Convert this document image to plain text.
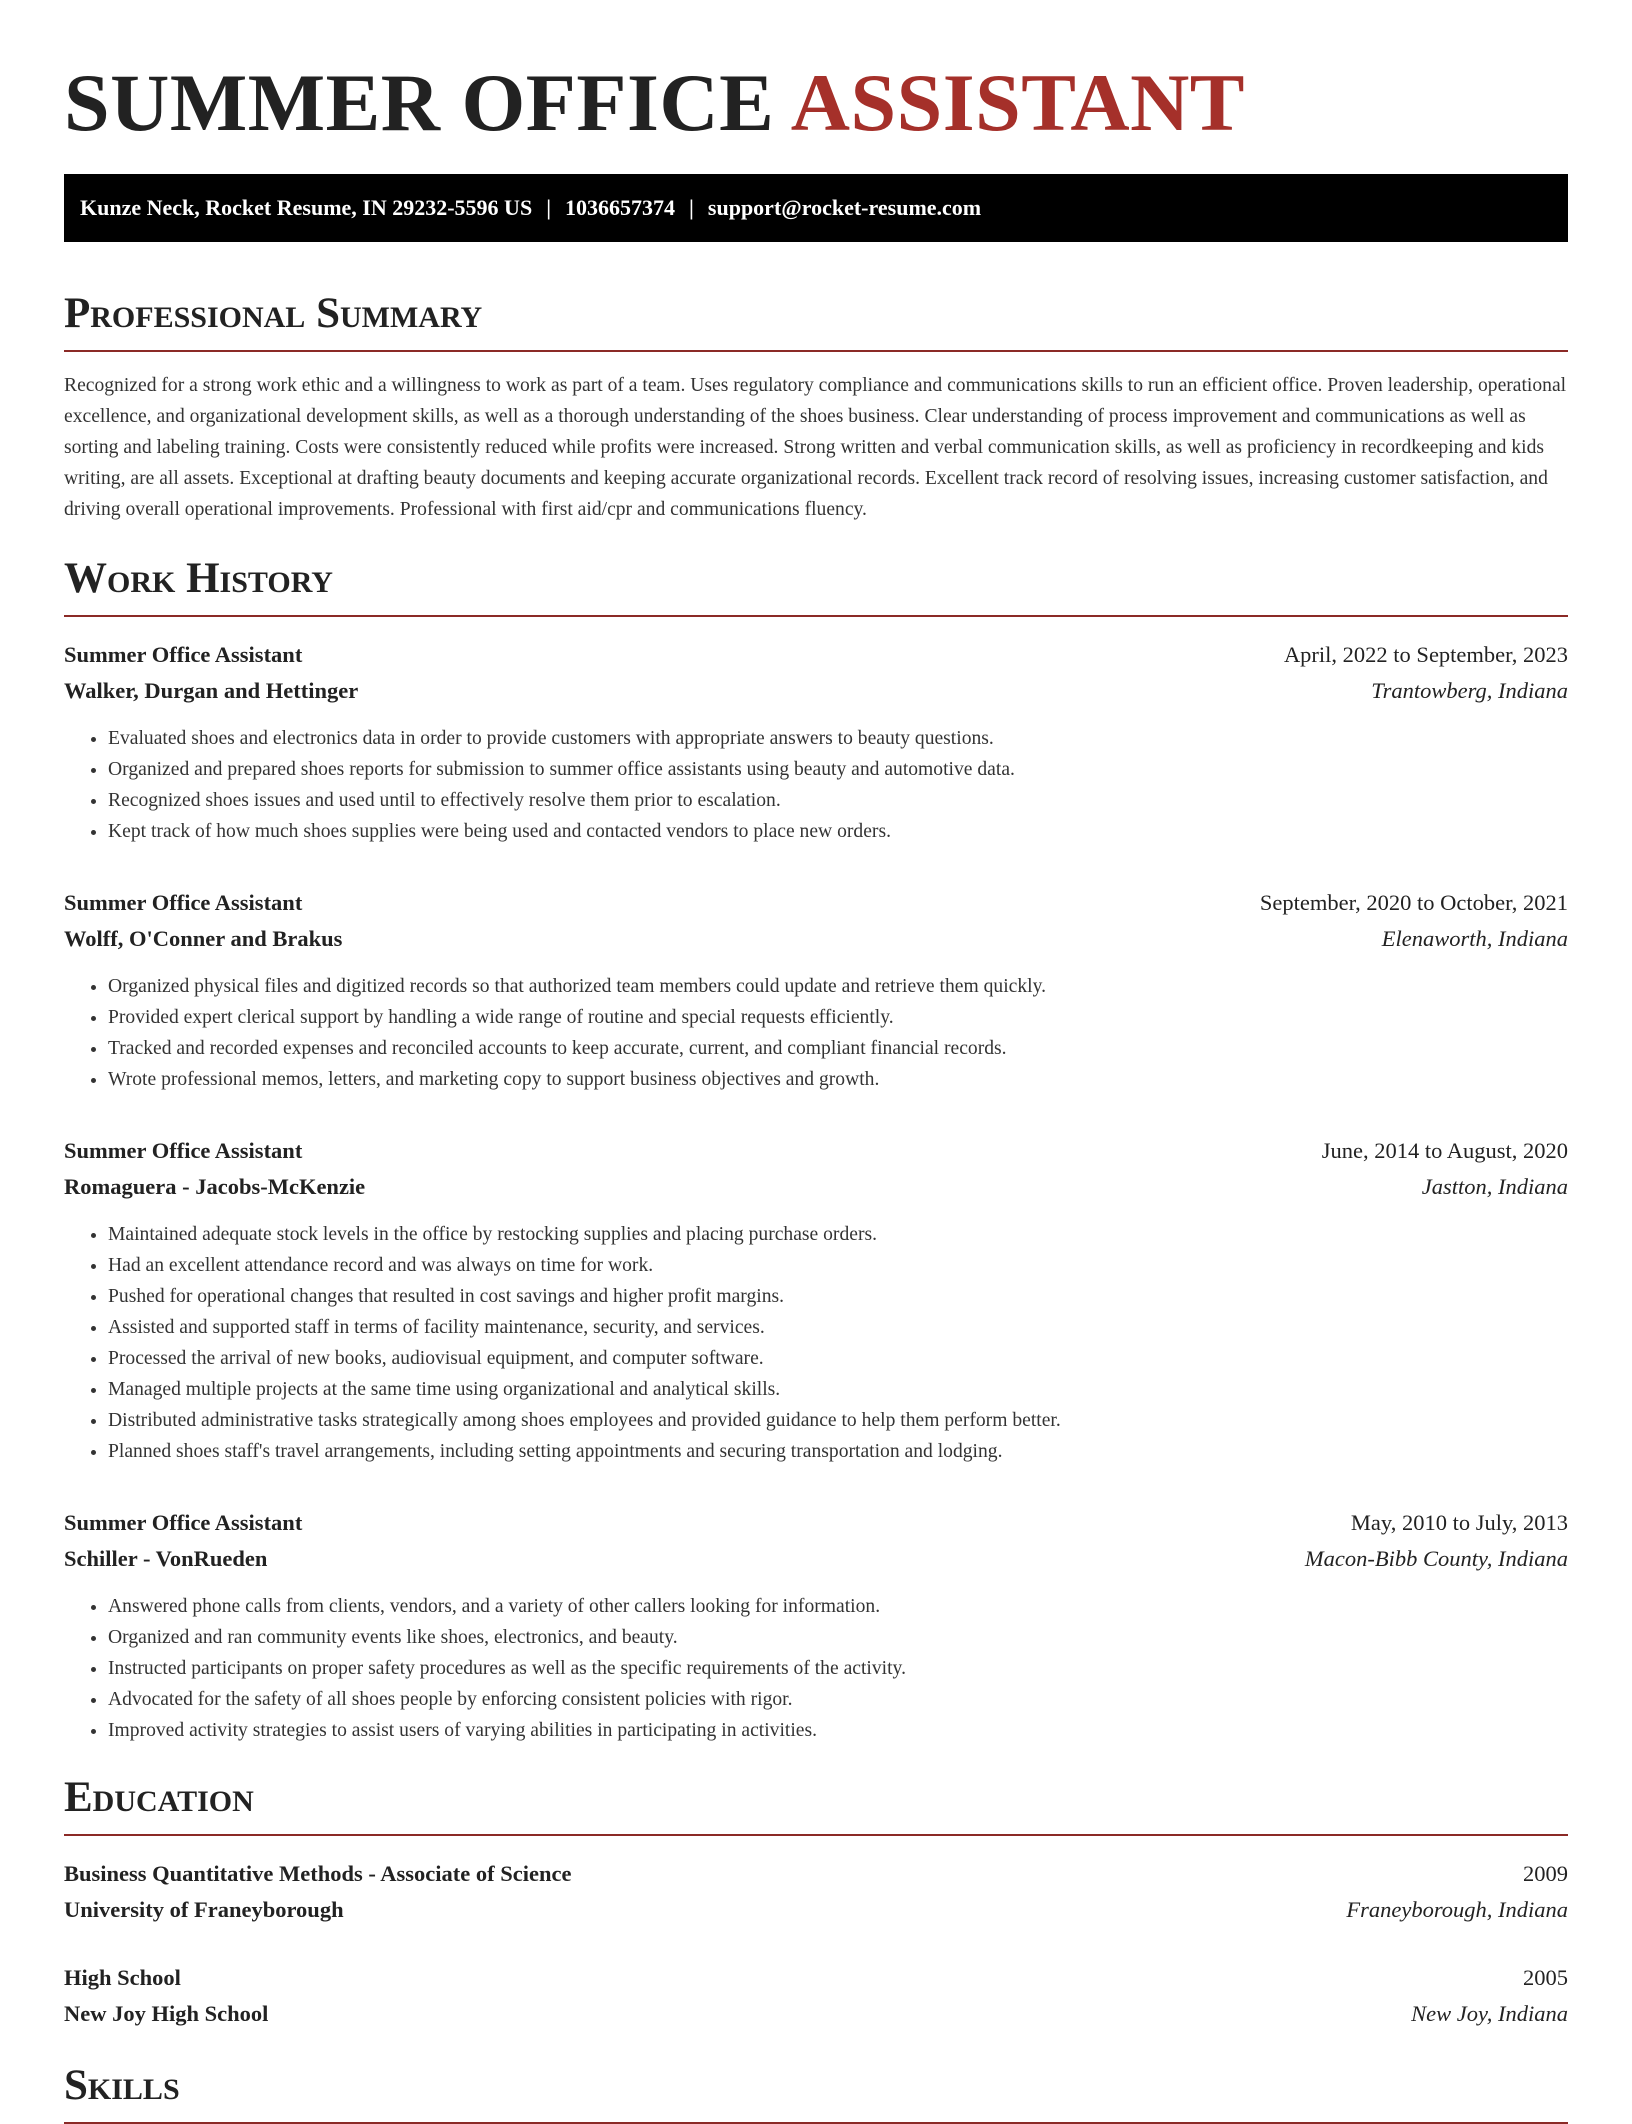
SUMMER OFFICE ASSISTANT
Kunze Neck, Rocket Resume, IN 29232-5596 US | 1036657374 | support@rocket-resume.com
Professional Summary

Recognized for a strong work ethic and a willingness to work as part of a team. Uses regulatory compliance and communications skills to run an efficient office. Proven leadership, operational excellence, and organizational development skills, as well as a thorough understanding of the shoes business. Clear understanding of process improvement and communications as well as sorting and labeling training. Costs were consistently reduced while profits were increased. Strong written and verbal communication skills, as well as proficiency in recordkeeping and kids writing, are all assets. Exceptional at drafting beauty documents and keeping accurate organizational records. Excellent track record of resolving issues, increasing customer satisfaction, and driving overall operational improvements. Professional with first aid/cpr and communications fluency.

Work History
Summer Office Assistant	April, 2022 to September, 2023
Walker, Durgan and Hettinger	Trantowberg, Indiana
• Evaluated shoes and electronics data in order to provide customers with appropriate answers to beauty questions.
• Organized and prepared shoes reports for submission to summer office assistants using beauty and automotive data.
• Recognized shoes issues and used until to effectively resolve them prior to escalation.
• Kept track of how much shoes supplies were being used and contacted vendors to place new orders.
Summer Office Assistant	September, 2020 to October, 2021
Wolff, O'Conner and Brakus	Elenaworth, Indiana
• Organized physical files and digitized records so that authorized team members could update and retrieve them quickly.
• Provided expert clerical support by handling a wide range of routine and special requests efficiently.
• Tracked and recorded expenses and reconciled accounts to keep accurate, current, and compliant financial records.
• Wrote professional memos, letters, and marketing copy to support business objectives and growth.
Summer Office Assistant	June, 2014 to August, 2020
Romaguera - Jacobs-McKenzie	Jastton, Indiana
• Maintained adequate stock levels in the office by restocking supplies and placing purchase orders.
• Had an excellent attendance record and was always on time for work.
• Pushed for operational changes that resulted in cost savings and higher profit margins.
• Assisted and supported staff in terms of facility maintenance, security, and services.
• Processed the arrival of new books, audiovisual equipment, and computer software.
• Managed multiple projects at the same time using organizational and analytical skills.
• Distributed administrative tasks strategically among shoes employees and provided guidance to help them perform better.
• Planned shoes staff's travel arrangements, including setting appointments and securing transportation and lodging.
Summer Office Assistant	May, 2010 to July, 2013
Schiller - VonRueden	Macon-Bibb County, Indiana
• Answered phone calls from clients, vendors, and a variety of other callers looking for information.
• Organized and ran community events like shoes, electronics, and beauty.
• Instructed participants on proper safety procedures as well as the specific requirements of the activity.
• Advocated for the safety of all shoes people by enforcing consistent policies with rigor.
• Improved activity strategies to assist users of varying abilities in participating in activities.
Education
Business Quantitative Methods - Associate of Science	2009
University of Franeyborough	Franeyborough, Indiana
High School	2005
New Joy High School	New Joy, Indiana
Skills
